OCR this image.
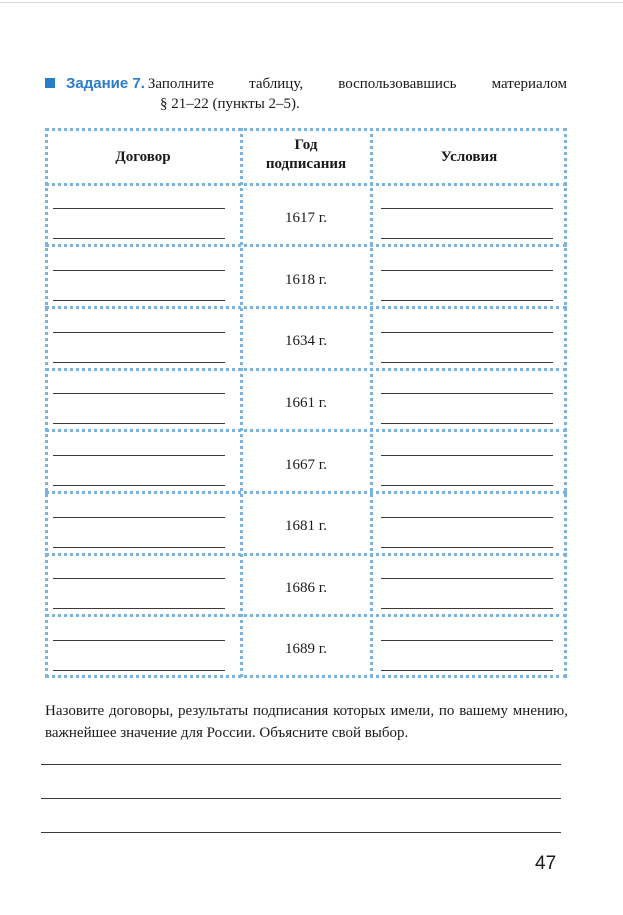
Задание 7. Заполните таблицу, воспользовавшись материалом
§ 21–22 (пункты 2–5).
Договор
Год
подписания	Условия
1617 г.
1618 г.
1634 г.
1661 г.
1667 г.
1681 г.
1686 г.
1689 г.
Назовите договоры, результаты подписания которых имели, по вашему мнению, важнейшее значение для России. Объясните свой выбор.
47
